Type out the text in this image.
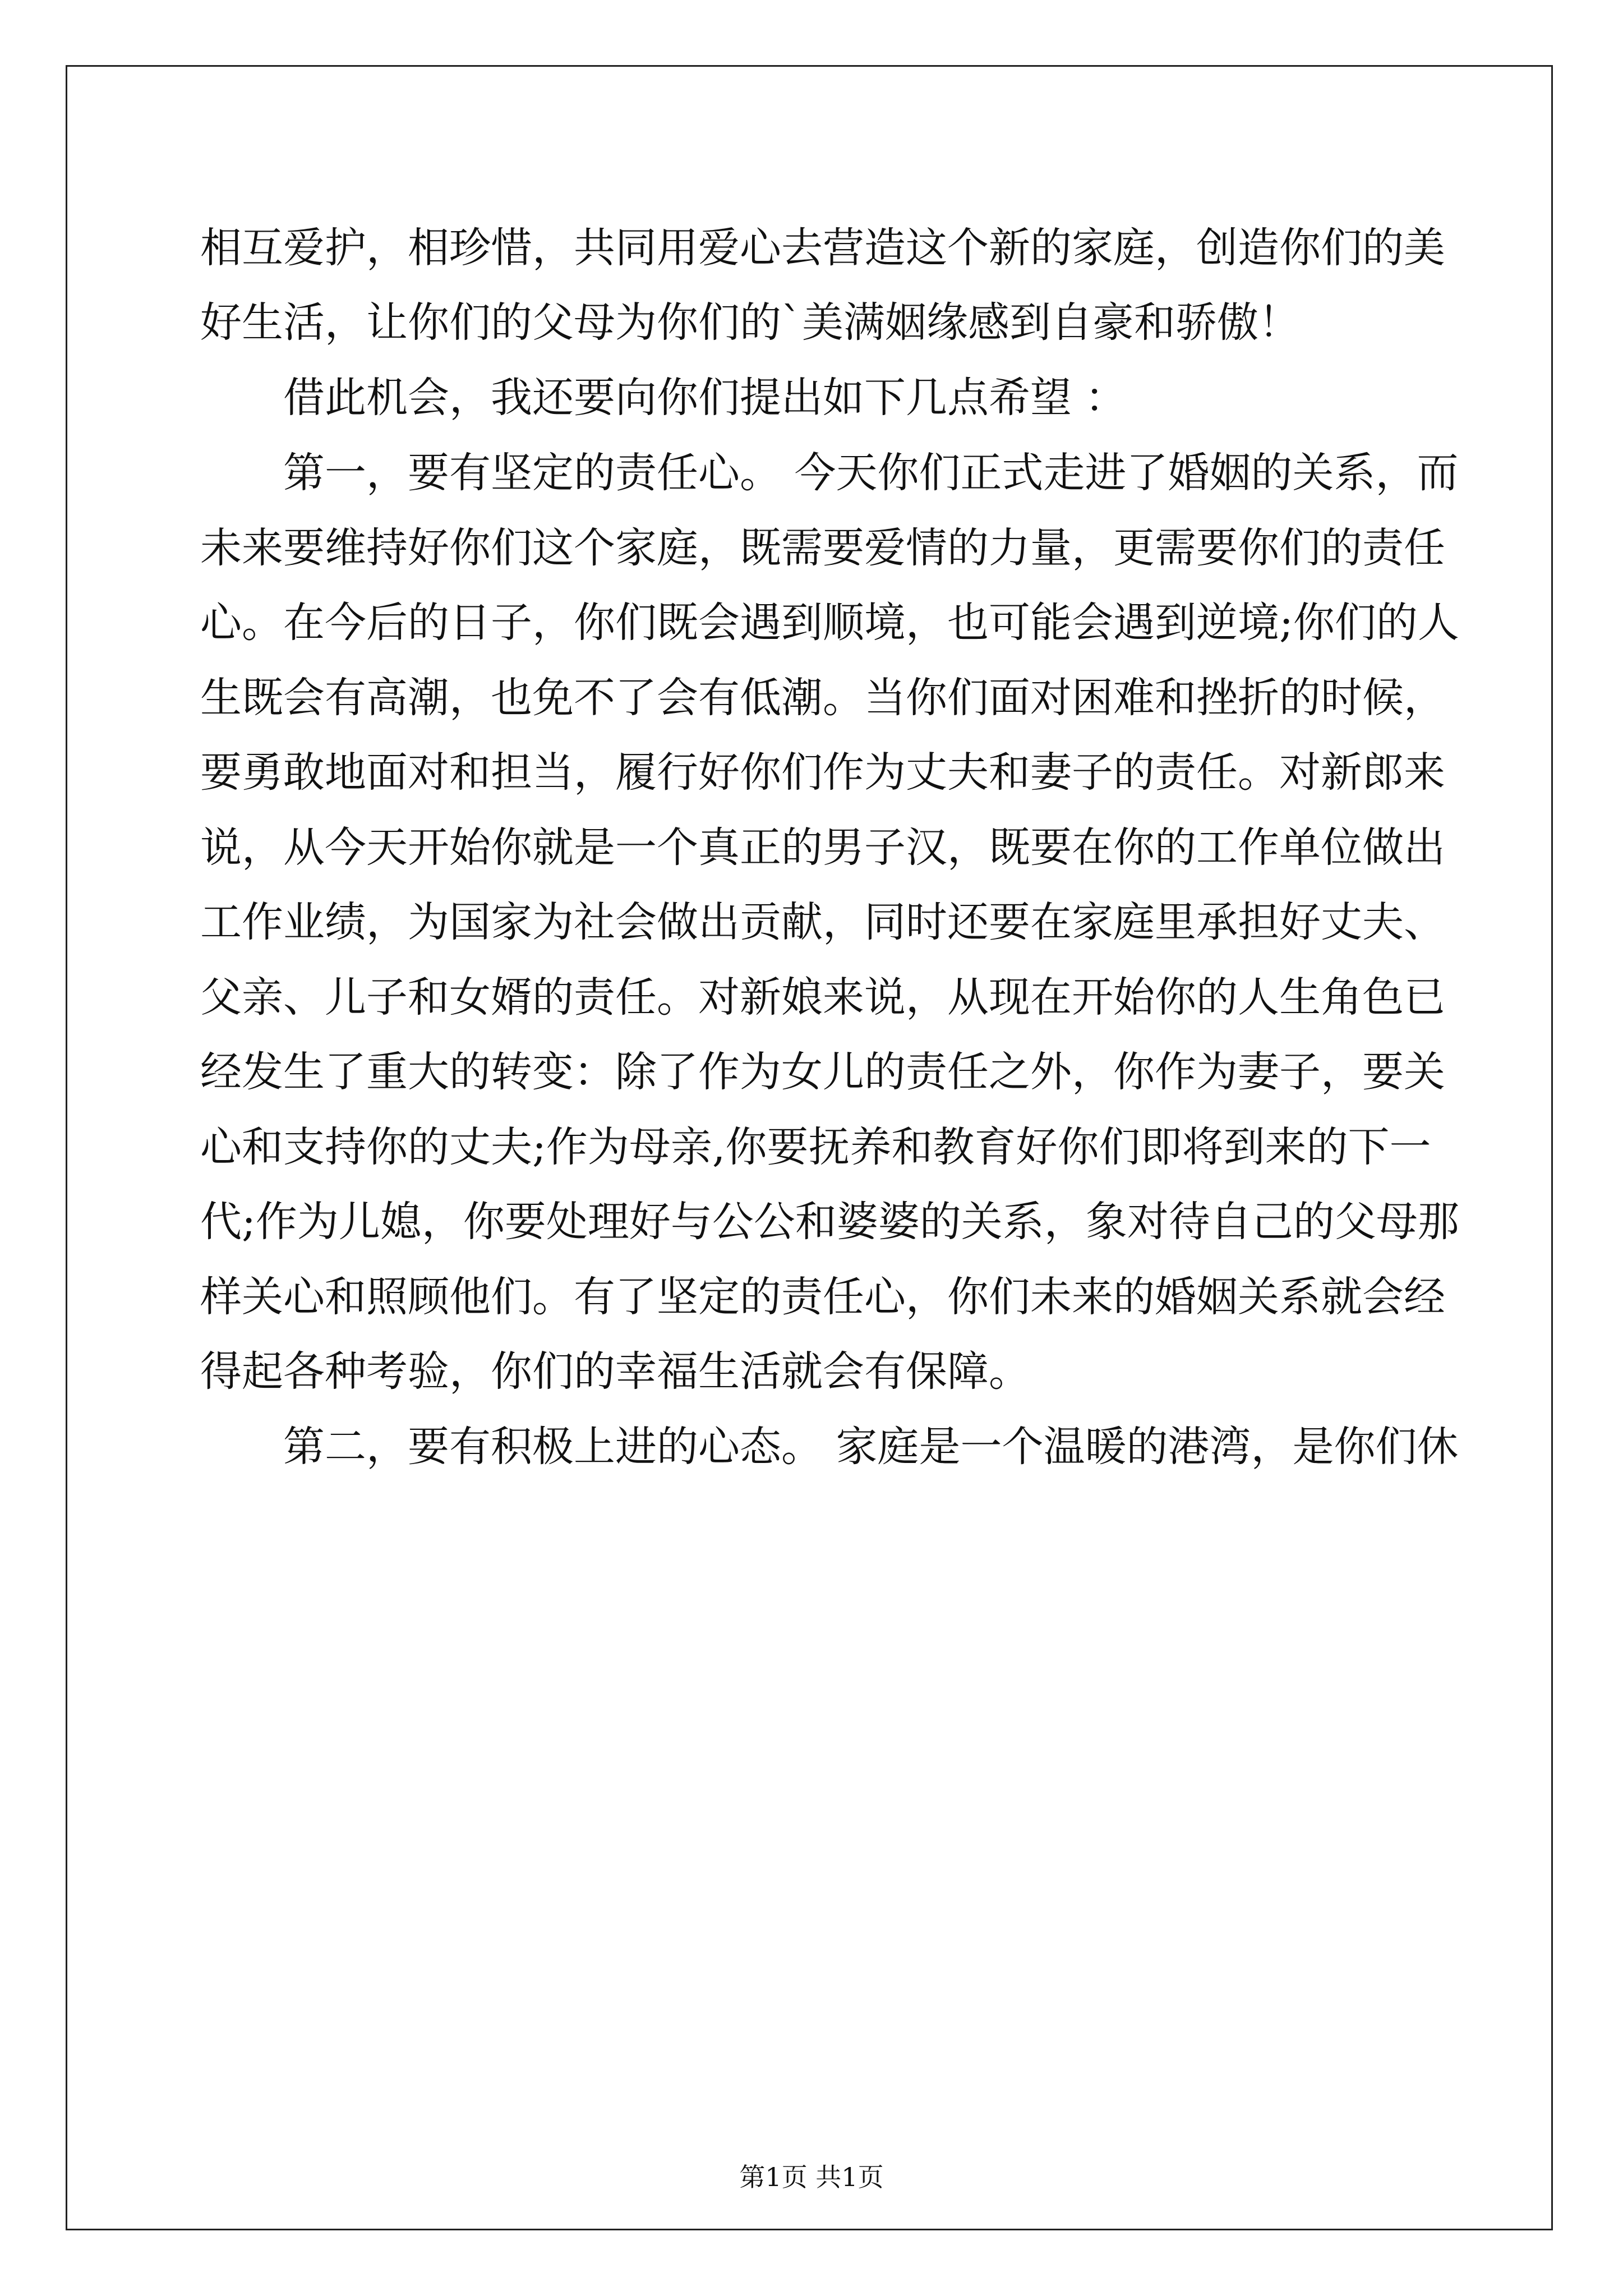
相互爱护，相珍惜，共同用爱心去营造这个新的家庭，创造你们的美
好生活，让你们的父母为你们的`美满姻缘感到自豪和骄傲！
借此机会，我还要向你们提出如下几点希望 ：
第一，要有坚定的责任心。 今天你们正式走进了婚姻的关系，而
未来要维持好你们这个家庭，既需要爱情的力量，更需要你们的责任
心。在今后的日子，你们既会遇到顺境，也可能会遇到逆境;你们的人
生既会有高潮，也免不了会有低潮。当你们面对困难和挫折的时候，
要勇敢地面对和担当，履行好你们作为丈夫和妻子的责任。对新郎来
说，从今天开始你就是一个真正的男子汉，既要在你的工作单位做出
工作业绩，为国家为社会做出贡献，同时还要在家庭里承担好丈夫、
父亲、儿子和女婿的责任。对新娘来说，从现在开始你的人生角色已
经发生了重大的转变：除了作为女儿的责任之外，你作为妻子，要关
心和支持你的丈夫;作为母亲,你要抚养和教育好你们即将到来的下一
代;作为儿媳，你要处理好与公公和婆婆的关系，象对待自己的父母那
样关心和照顾他们。有了坚定的责任心，你们未来的婚姻关系就会经
得起各种考验，你们的幸福生活就会有保障。
第二，要有积极上进的心态。 家庭是一个温暖的港湾，是你们休
第1页 共1页
